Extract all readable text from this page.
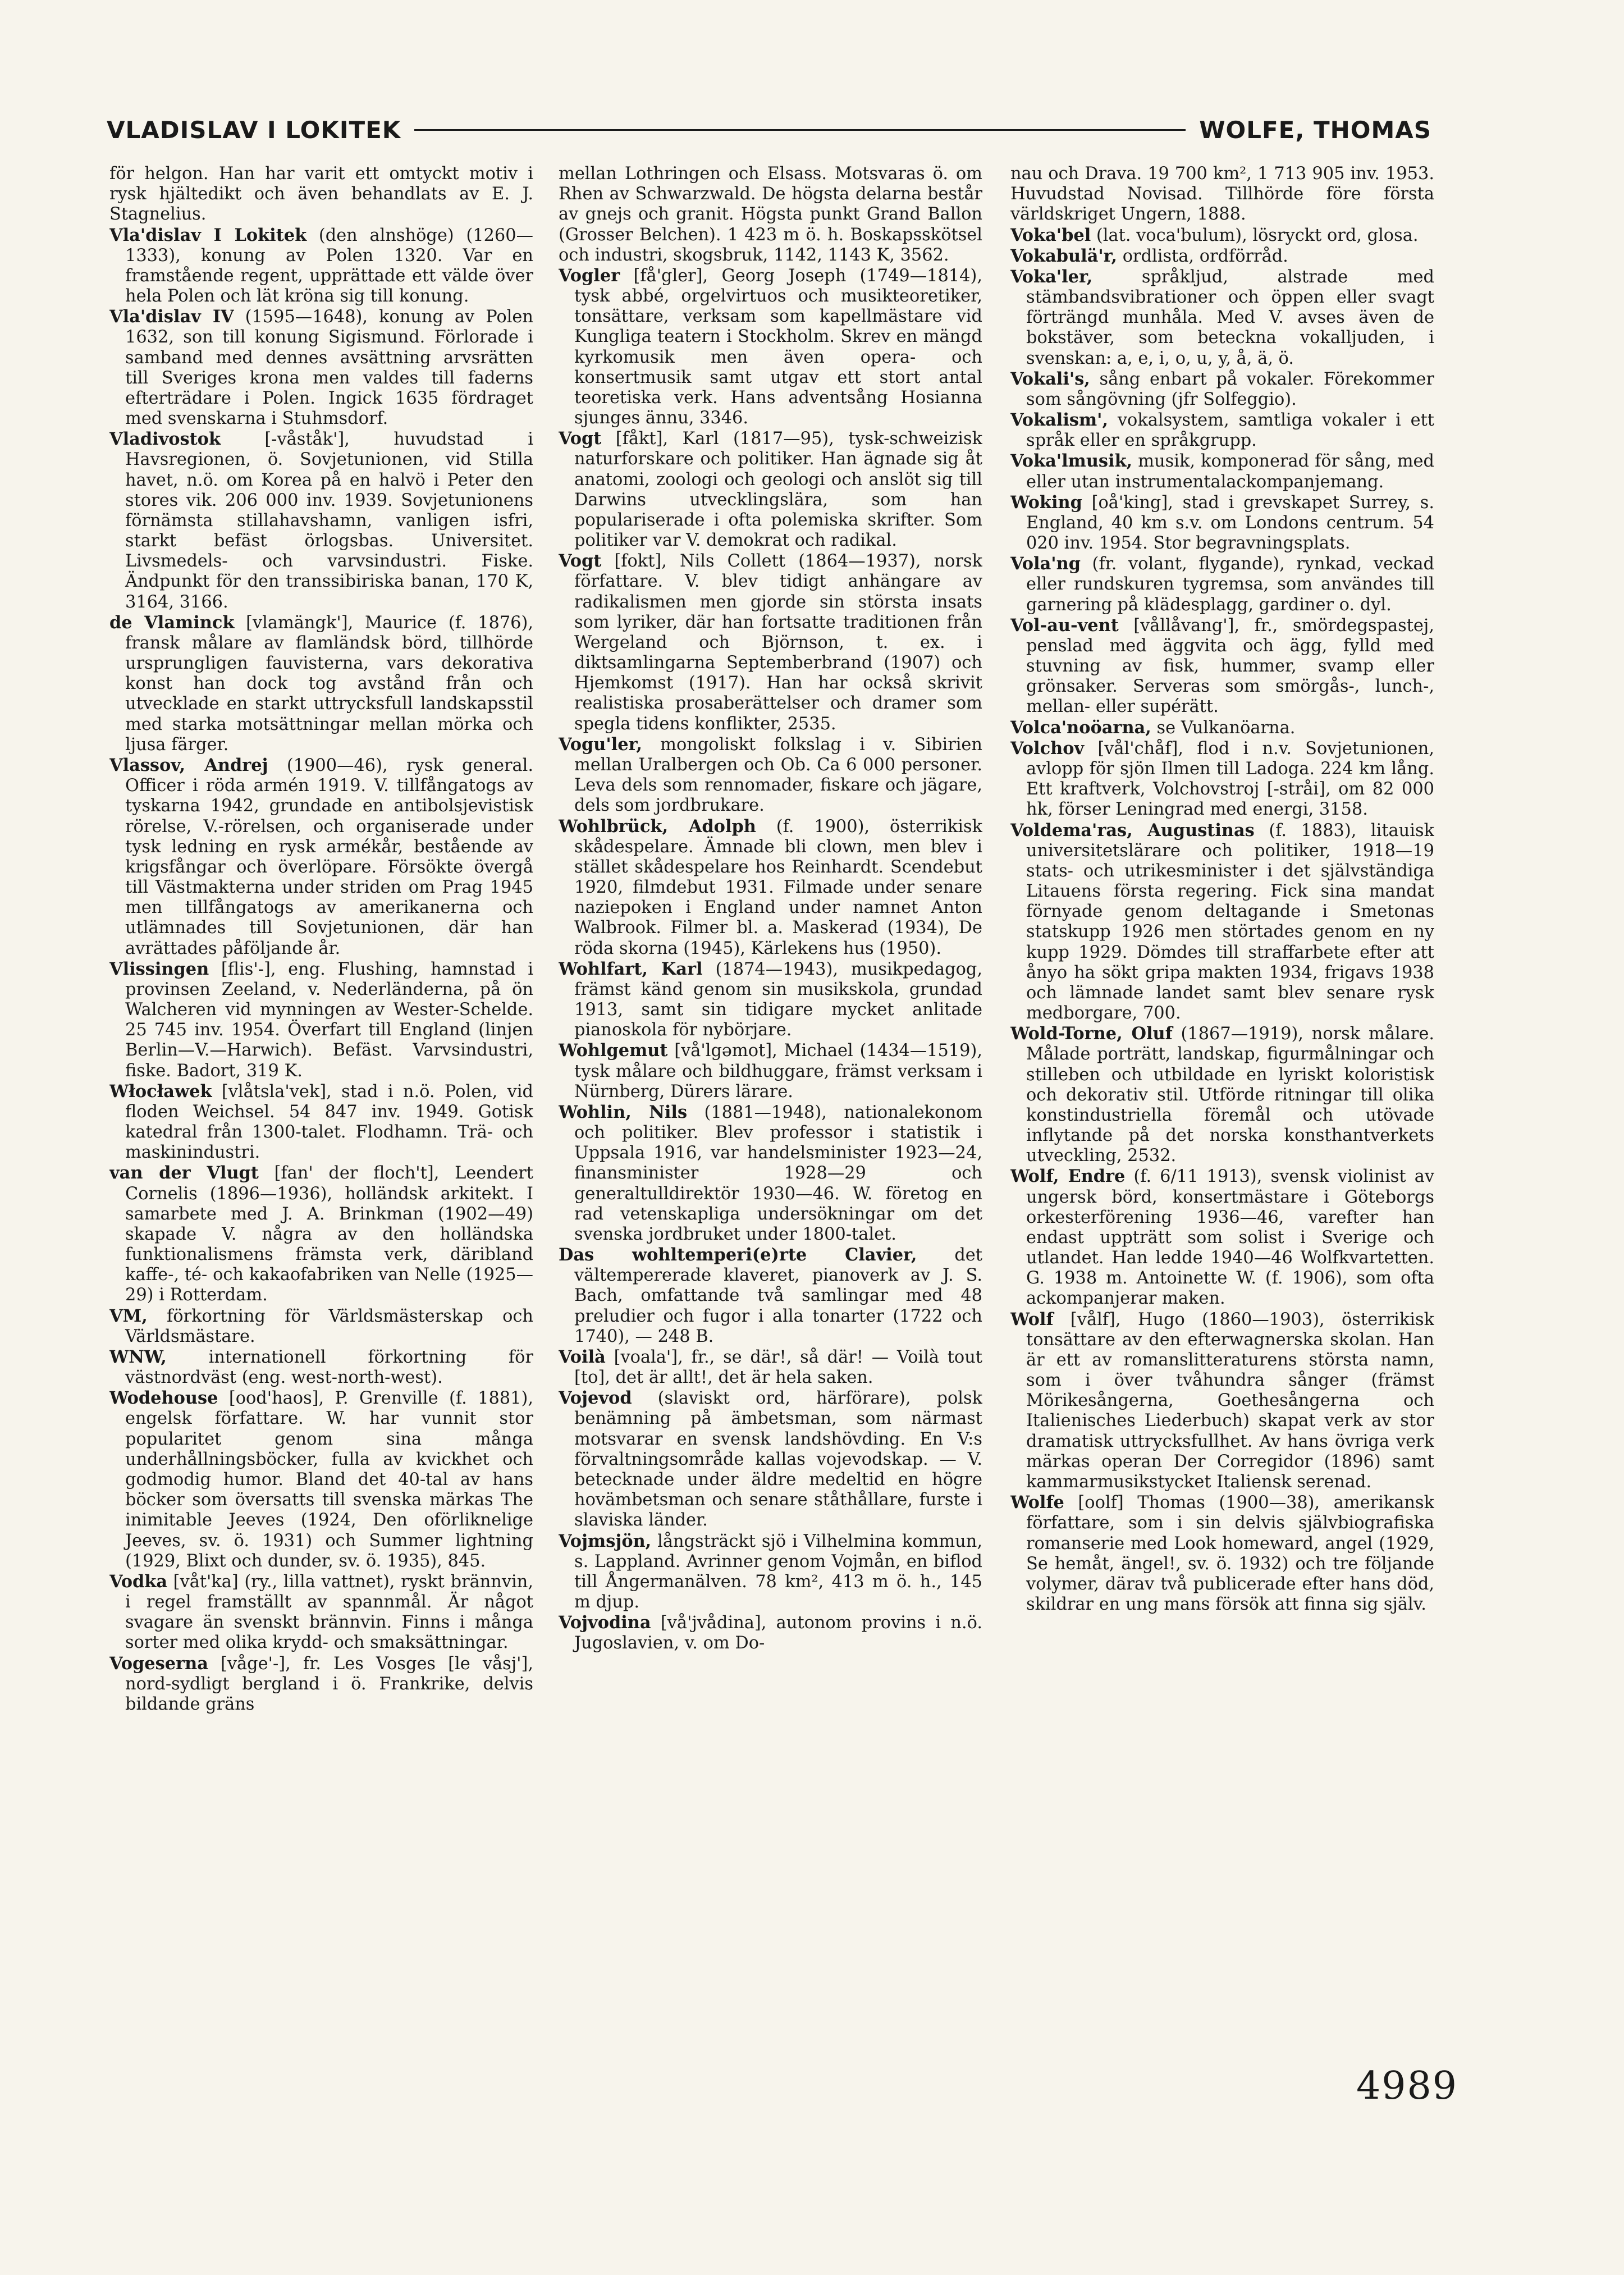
VLADISLAV I LOKITEK	WOLFE, THOMAS

för helgon. Han har varit ett omtyckt motiv i rysk hjältedikt och även behandlats av E. J. Stagnelius.

Vla'dislav I Lokitek (den alnshöge) (1260—1333), konung av Polen 1320. Var en framstående regent, upprättade ett välde över hela Polen och lät kröna sig till konung.

Vla'dislav IV (1595—1648), konung av Polen 1632, son till konung Sigismund. Förlorade i samband med dennes avsättning arvsrätten till Sveriges krona men valdes till faderns efterträdare i Polen. Ingick 1635 fördraget med svenskarna i Stuhmsdorf.

Vladivostok [-våståk'], huvudstad i Havsregionen, ö. Sovjetunionen, vid Stilla havet, n.ö. om Korea på en halvö i Peter den stores vik. 206 000 inv. 1939. Sovjetunionens förnämsta stillahavshamn, vanligen isfri, starkt befäst örlogsbas. Universitet. Livsmedels- och varvsindustri. Fiske. Ändpunkt för den transsibiriska banan, 170 K, 3164, 3166.

de Vlaminck [vlamängk'], Maurice (f. 1876), fransk målare av flamländsk börd, tillhörde ursprungligen fauvisterna, vars dekorativa konst han dock tog avstånd från och utvecklade en starkt uttrycksfull landskapsstil med starka motsättningar mellan mörka och ljusa färger.

Vlassov, Andrej (1900—46), rysk general. Officer i röda armén 1919. V. tillfångatogs av tyskarna 1942, grundade en antibolsjevistisk rörelse, V.-rörelsen, och organiserade under tysk ledning en rysk armékår, bestående av krigsfångar och överlöpare. Försökte övergå till Västmakterna under striden om Prag 1945 men tillfångatogs av amerikanerna och utlämnades till Sovjetunionen, där han avrättades påföljande år.

Vlissingen [flis'-], eng. Flushing, hamnstad i provinsen Zeeland, v. Nederländerna, på ön Walcheren vid mynningen av Wester-Schelde. 25 745 inv. 1954. Överfart till England (linjen Berlin—V.—Harwich). Befäst. Varvsindustri, fiske. Badort, 319 K.

Włocławek [vlåtsla'vek], stad i n.ö. Polen, vid floden Weichsel. 54 847 inv. 1949. Gotisk katedral från 1300-talet. Flodhamn. Trä- och maskinindustri.

van der Vlugt [fan' der floch't], Leendert Cornelis (1896—1936), holländsk arkitekt. I samarbete med J. A. Brinkman (1902—49) skapade V. några av den holländska funktionalismens främsta verk, däribland kaffe-, té- och kakaofabriken van Nelle (1925—29) i Rotterdam.

VM, förkortning för Världsmästerskap och Världsmästare.

WNW, internationell förkortning för västnordväst (eng. west-north-west).

Wodehouse [ood'haos], P. Grenville (f. 1881), engelsk författare. W. har vunnit stor popularitet genom sina många underhållningsböcker, fulla av kvickhet och godmodig humor. Bland det 40-tal av hans böcker som översatts till svenska märkas The inimitable Jeeves (1924, Den oförliknelige Jeeves, sv. ö. 1931) och Summer lightning (1929, Blixt och dunder, sv. ö. 1935), 845.

Vodka [våt'ka] (ry., lilla vattnet), ryskt brännvin, i regel framställt av spannmål. Är något svagare än svenskt brännvin. Finns i många sorter med olika krydd- och smaksättningar.

Vogeserna [våge'-], fr. Les Vosges [le våsj'], nord-sydligt bergland i ö. Frankrike, delvis bildande gräns

mellan Lothringen och Elsass. Motsvaras ö. om Rhen av Schwarzwald. De högsta delarna består av gnejs och granit. Högsta punkt Grand Ballon (Grosser Belchen). 1 423 m ö. h. Boskapsskötsel och industri, skogsbruk, 1142, 1143 K, 3562.

Vogler [få'gler], Georg Joseph (1749—1814), tysk abbé, orgelvirtuos och musikteoretiker, tonsättare, verksam som kapellmästare vid Kungliga teatern i Stockholm. Skrev en mängd kyrkomusik men även opera- och konsertmusik samt utgav ett stort antal teoretiska verk. Hans adventsång Hosianna sjunges ännu, 3346.

Vogt [fåkt], Karl (1817—95), tysk-schweizisk naturforskare och politiker. Han ägnade sig åt anatomi, zoologi och geologi och anslöt sig till Darwins utvecklingslära, som han populariserade i ofta polemiska skrifter. Som politiker var V. demokrat och radikal.

Vogt [fokt], Nils Collett (1864—1937), norsk författare. V. blev tidigt anhängare av radikalismen men gjorde sin största insats som lyriker, där han fortsatte traditionen från Wergeland och Björnson, t. ex. i diktsamlingarna Septemberbrand (1907) och Hjemkomst (1917). Han har också skrivit realistiska prosaberättelser och dramer som spegla tidens konflikter, 2535.

Vogu'ler, mongoliskt folkslag i v. Sibirien mellan Uralbergen och Ob. Ca 6 000 personer. Leva dels som rennomader, fiskare och jägare, dels som jordbrukare.

Wohlbrück, Adolph (f. 1900), österrikisk skådespelare. Ämnade bli clown, men blev i stället skådespelare hos Reinhardt. Scendebut 1920, filmdebut 1931. Filmade under senare naziepoken i England under namnet Anton Walbrook. Filmer bl. a. Maskerad (1934), De röda skorna (1945), Kärlekens hus (1950).

Wohlfart, Karl (1874—1943), musikpedagog, främst känd genom sin musikskola, grundad 1913, samt sin tidigare mycket anlitade pianoskola för nybörjare.

Wohlgemut [vå'lgəmot], Michael (1434—1519), tysk målare och bildhuggare, främst verksam i Nürnberg, Dürers lärare.

Wohlin, Nils (1881—1948), nationalekonom och politiker. Blev professor i statistik i Uppsala 1916, var handelsminister 1923—24, finansminister 1928—29 och generaltulldirektör 1930—46. W. företog en rad vetenskapliga undersökningar om det svenska jordbruket under 1800-talet.

Das wohltemperi(e)rte Clavier, det vältempererade klaveret, pianoverk av J. S. Bach, omfattande två samlingar med 48 preludier och fugor i alla tonarter (1722 och 1740), — 248 B.

Voilà [voala'], fr., se där!, så där! — Voilà tout [to], det är allt!, det är hela saken.

Vojevod (slaviskt ord, härförare), polsk benämning på ämbetsman, som närmast motsvarar en svensk landshövding. En V:s förvaltningsområde kallas vojevodskap. — V. betecknade under äldre medeltid en högre hovämbetsman och senare ståthållare, furste i slaviska länder.

Vojmsjön, långsträckt sjö i Vilhelmina kommun, s. Lappland. Avrinner genom Vojmån, en biflod till Ångermanälven. 78 km², 413 m ö. h., 145 m djup.

Vojvodina [vå'jvådina], autonom provins i n.ö. Jugoslavien, v. om Do-

nau och Drava. 19 700 km², 1 713 905 inv. 1953. Huvudstad Novisad. Tillhörde före första världskriget Ungern, 1888.

Voka'bel (lat. voca'bulum), lösryckt ord, glosa.

Vokabulä'r, ordlista, ordförråd.

Voka'ler, språkljud, alstrade med stämbandsvibrationer och öppen eller svagt förträngd munhåla. Med V. avses även de bokstäver, som beteckna vokalljuden, i svenskan: a, e, i, o, u, y, å, ä, ö.

Vokali's, sång enbart på vokaler. Förekommer som sångövning (jfr Solfeggio).

Vokalism', vokalsystem, samtliga vokaler i ett språk eller en språkgrupp.

Voka'lmusik, musik, komponerad för sång, med eller utan instrumentalackompanjemang.

Woking [oå'king], stad i grevskapet Surrey, s. England, 40 km s.v. om Londons centrum. 54 020 inv. 1954. Stor begravningsplats.

Vola'ng (fr. volant, flygande), rynkad, veckad eller rundskuren tygremsa, som användes till garnering på klädesplagg, gardiner o. dyl.

Vol-au-vent [vållåvang'], fr., smördegspastej, penslad med äggvita och ägg, fylld med stuvning av fisk, hummer, svamp eller grönsaker. Serveras som smörgås-, lunch-, mellan- eller supérätt.

Volca'noöarna, se Vulkanöarna.

Volchov [vål'chåf], flod i n.v. Sovjetunionen, avlopp för sjön Ilmen till Ladoga. 224 km lång. Ett kraftverk, Volchovstroj [-stråi], om 82 000 hk, förser Leningrad med energi, 3158.

Voldema'ras, Augustinas (f. 1883), litauisk universitetslärare och politiker, 1918—19 stats- och utrikesminister i det självständiga Litauens första regering. Fick sina mandat förnyade genom deltagande i Smetonas statskupp 1926 men störtades genom en ny kupp 1929. Dömdes till straffarbete efter att ånyo ha sökt gripa makten 1934, frigavs 1938 och lämnade landet samt blev senare rysk medborgare, 700.

Wold-Torne, Oluf (1867—1919), norsk målare. Målade porträtt, landskap, figurmålningar och stilleben och utbildade en lyriskt koloristisk och dekorativ stil. Utförde ritningar till olika konstindustriella föremål och utövade inflytande på det norska konsthantverkets utveckling, 2532.

Wolf, Endre (f. 6/11 1913), svensk violinist av ungersk börd, konsertmästare i Göteborgs orkesterförening 1936—46, varefter han endast uppträtt som solist i Sverige och utlandet. Han ledde 1940—46 Wolfkvartetten. G. 1938 m. Antoinette W. (f. 1906), som ofta ackompanjerar maken.

Wolf [vålf], Hugo (1860—1903), österrikisk tonsättare av den efterwagnerska skolan. Han är ett av romanslitteraturens största namn, som i över tvåhundra sånger (främst Mörikesångerna, Goethesångerna och Italienisches Liederbuch) skapat verk av stor dramatisk uttrycksfullhet. Av hans övriga verk märkas operan Der Corregidor (1896) samt kammarmusikstycket Italiensk serenad.

Wolfe [oolf] Thomas (1900—38), amerikansk författare, som i sin delvis självbiografiska romanserie med Look homeward, angel (1929, Se hemåt, ängel!, sv. ö. 1932) och tre följande volymer, därav två publicerade efter hans död, skildrar en ung mans försök att finna sig själv.

4989
